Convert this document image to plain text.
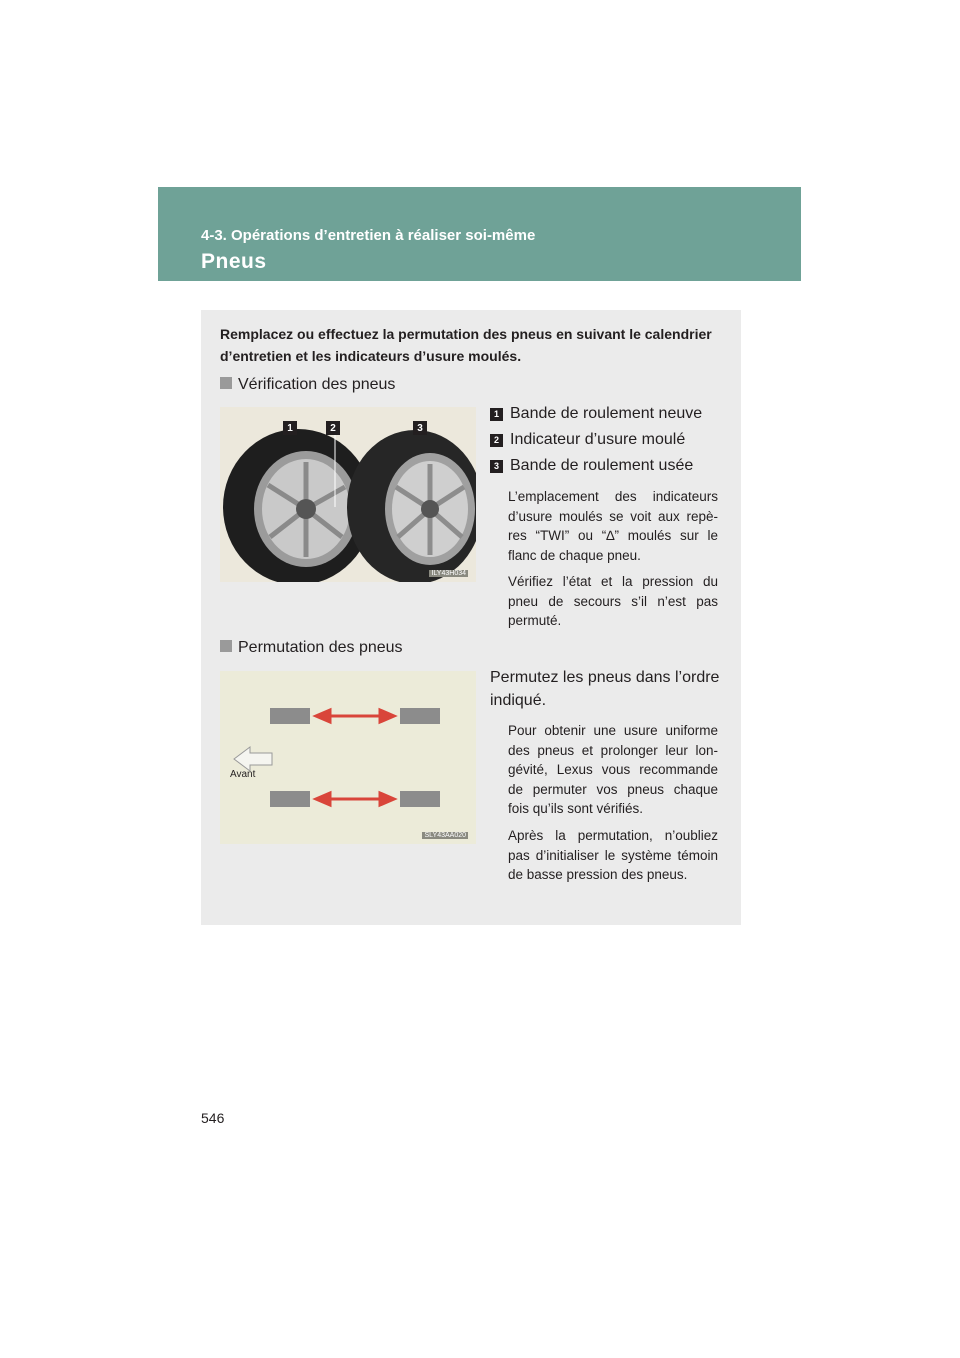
4-3. Opérations d’entretien à réaliser soi-même
Pneus
Remplacez ou effectuez la permutation des pneus en suivant le calendrier d’entretien et les indicateurs d’usure moulés.
Vérification des pneus
1	2	3
ILY43H034
1 Bande de roulement neuve
2 Indicateur d’usure moulé
3 Bande de roulement usée
L’emplacement des indicateurs d’usure moulés se voit aux repè-res “TWI” ou “∆” moulés sur le flanc de chaque pneu.
Vérifiez l’état et la pression du pneu de secours s’il n’est pas permuté.
Permutation des pneus
Avant
SLY43AA020
Permutez les pneus dans l’ordre indiqué.
Pour obtenir une usure uniforme des pneus et prolonger leur lon-gévité, Lexus vous recommande de permuter vos pneus chaque fois qu’ils sont vérifiés.
Après la permutation, n’oubliez pas d’initialiser le système témoin de basse pression des pneus.
546
